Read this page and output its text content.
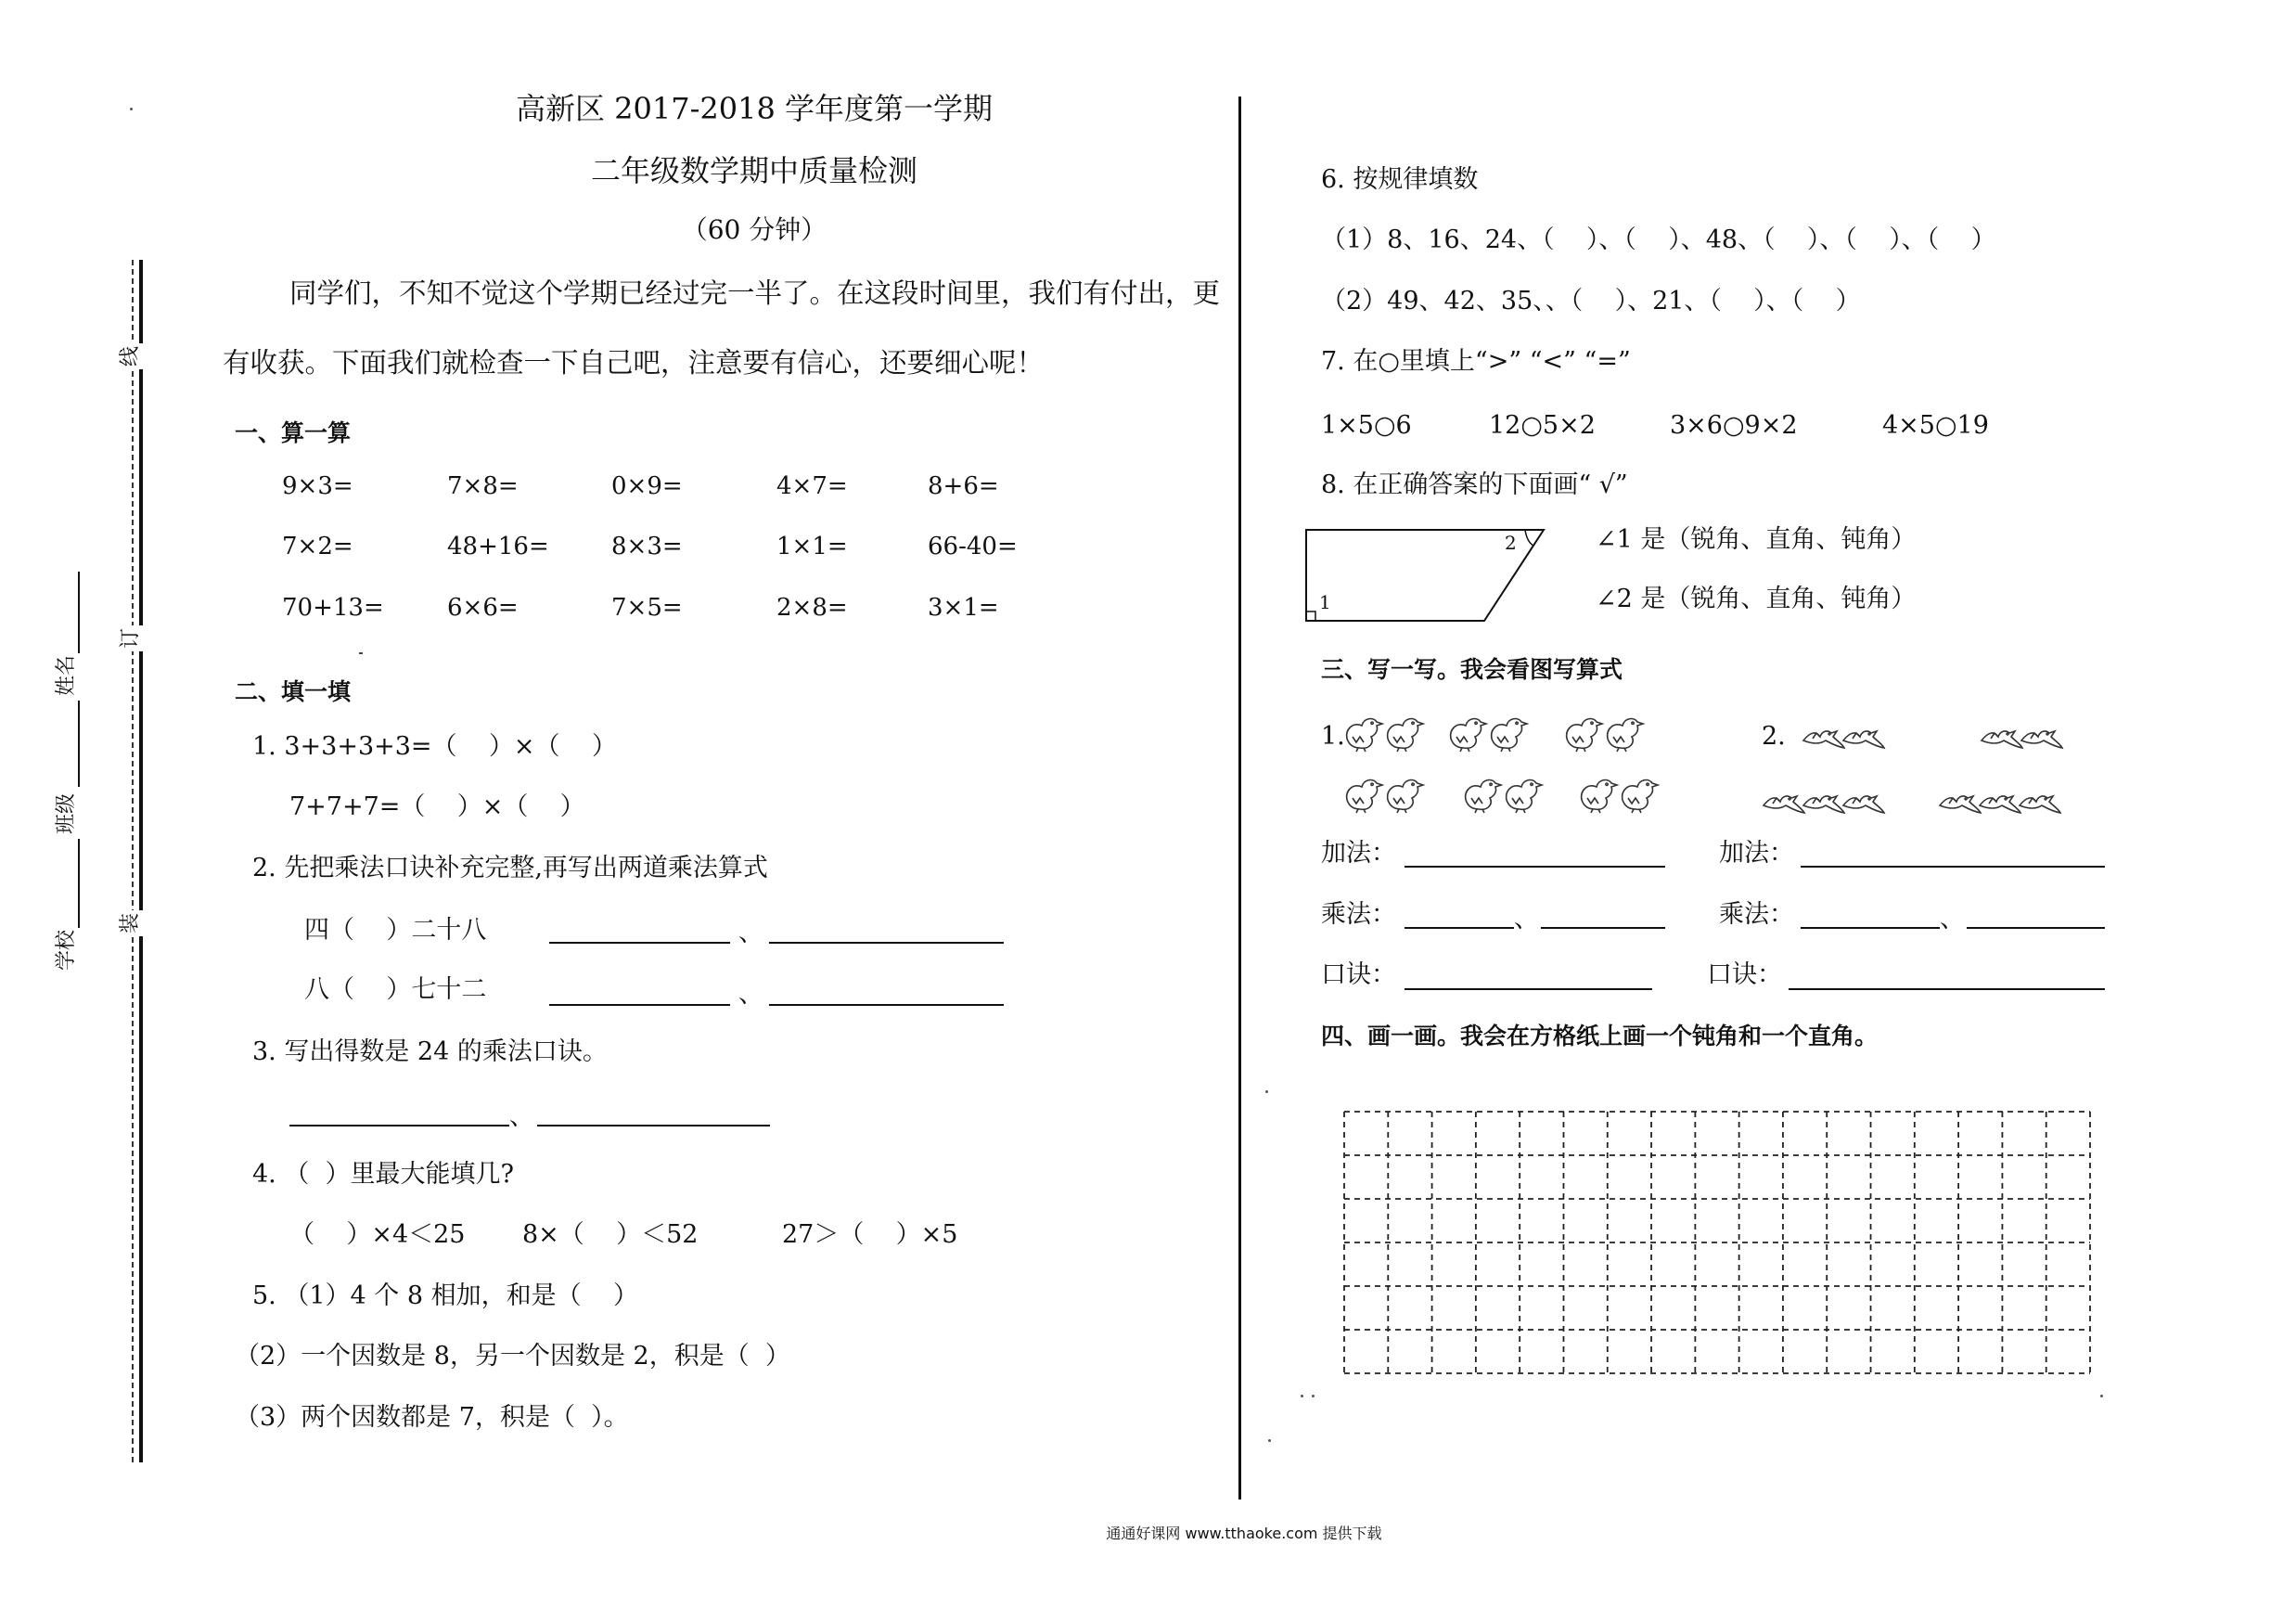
线
订
装
学校
班级
姓名
高新区 2017-2018 学年度第一学期
二年级数学期中质量检测
（60 分钟）
同学们，不知不觉这个学期已经过完一半了。在这段时间里，我们有付出，更
有收获。下面我们就检查一下自己吧，注意要有信心，还要细心呢！
一、算一算
9×3=	7×8=	0×9=	4×7=	8+6=
7×2=	48+16=	8×3=	1×1=	66-40=
70+13=	6×6=	7×5=	2×8=	3×1=
二、填一填
1. 3+3+3+3=（    ）×（    ）
7+7+7=（    ）×（    ）
2. 先把乘法口诀补充完整,再写出两道乘法算式
四（    ）二十八	、
八（    ）七十二	、
3. 写出得数是 24 的乘法口诀。
、
4. （  ）里最大能填几?
（    ）×4＜25 8×（    ）＜52	27＞（    ）×5
5. （1）4 个 8 相加，和是（    ）
（2）一个因数是 8，另一个因数是 2，积是（  ）
（3）两个因数都是 7，积是（  ）。
6. 按规律填数
（1）8、16、24、（    ）、（    ）、48、（    ）、（    ）、（    ）
（2）49、42、35、、（    ）、21、（    ）、（    ）
7. 在○里填上“>” “<” “=”
1×5○6	12○5×2	3×6○9×2	4×5○19
8. 在正确答案的下面画“ √”
1
2	∠1 是（锐角、直角、钝角）
∠2 是（锐角、直角、钝角）
三、写一写。我会看图写算式
1.	2.
加法：	加法：
乘法：	、	乘法：	、
口诀：	口诀：
四、画一画。我会在方格纸上画一个钝角和一个直角。
通通好课网 www.tthaoke.com 提供下载
